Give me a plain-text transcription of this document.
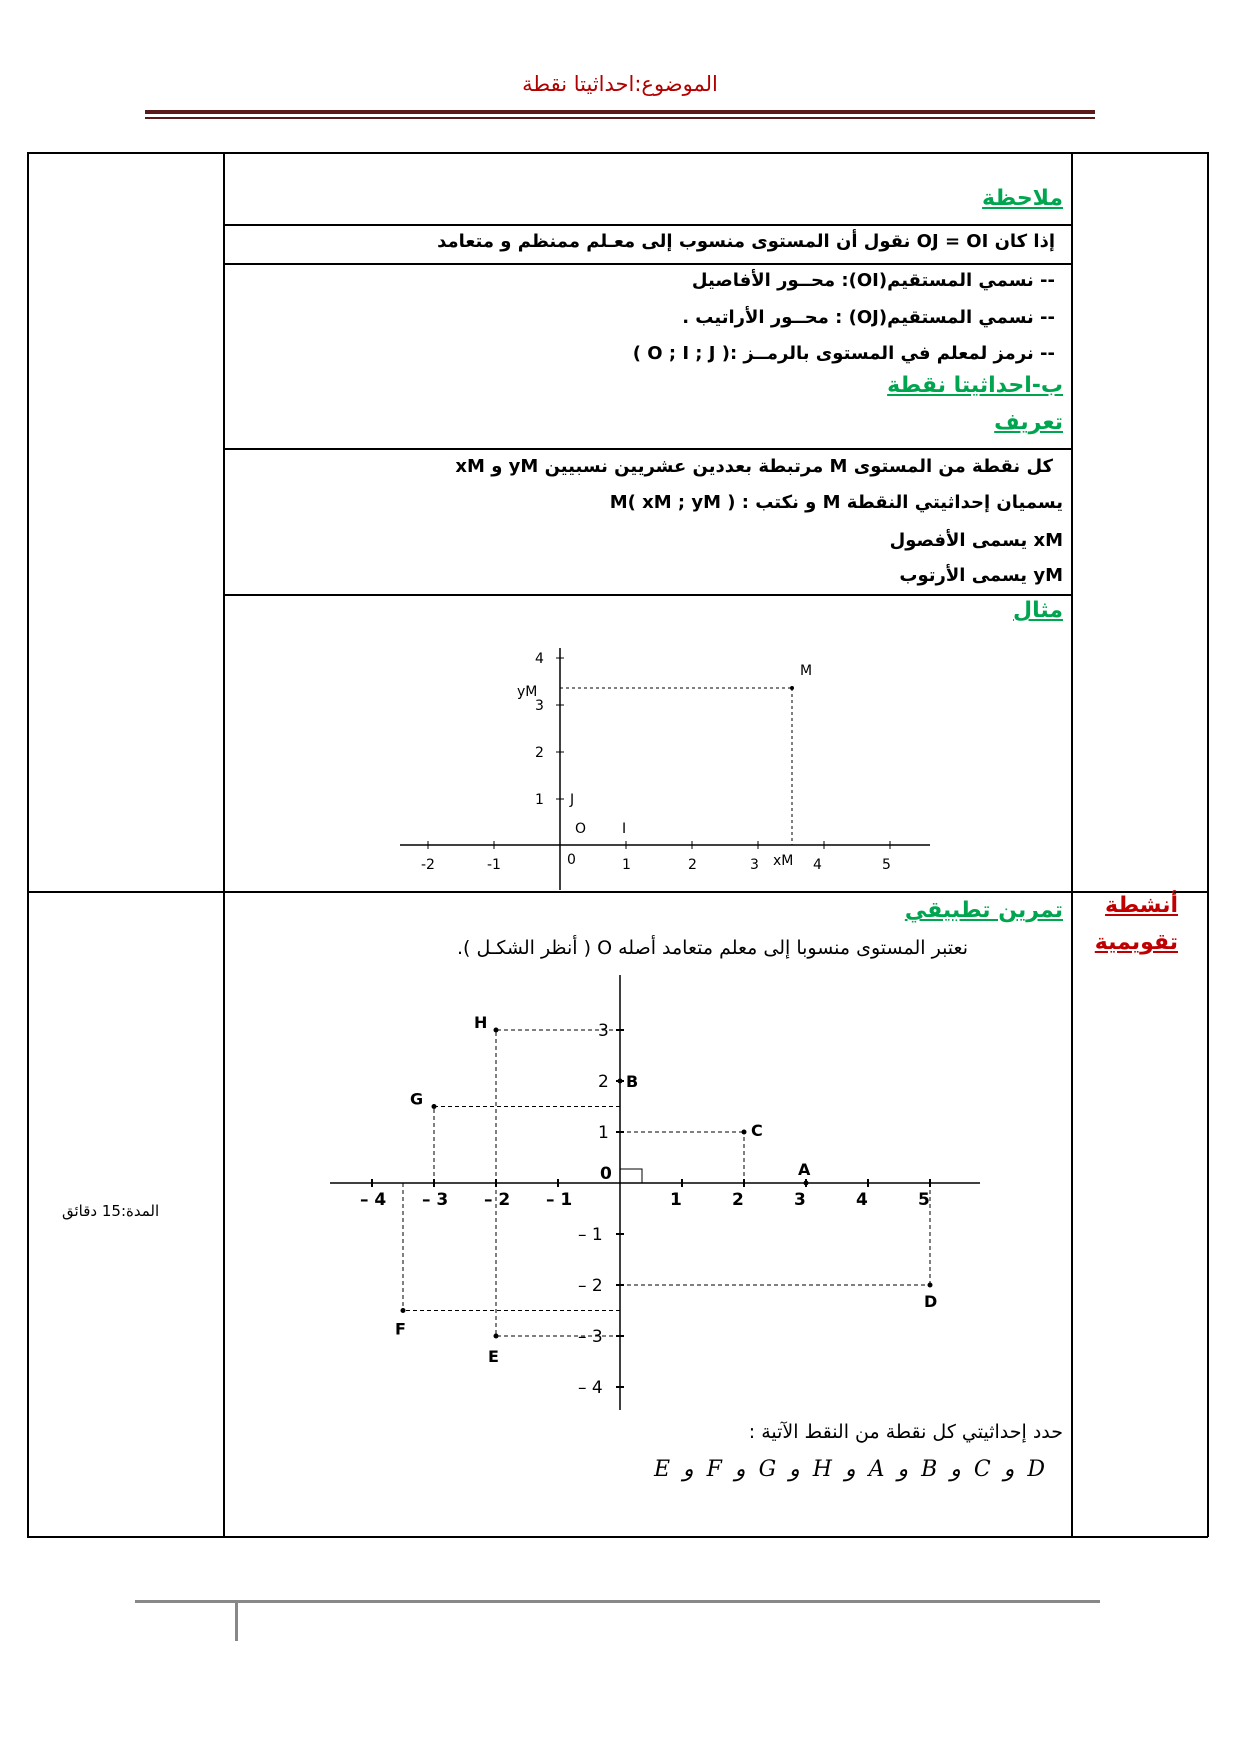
الموضوع:احداثيتا نقطة
ملاحظة
إذا كان OJ = OI نقول أن المستوى منسوب إلى معـلم ممنظم و متعامد
-- نسمي المستقيم(OI): محــور الأفاصيل
-- نسمي المستقيم(OJ) : محــور الأراتيب .
-- نرمز لمعلم في المستوى بالرمــز :( O ; I ; J )
ب-احداثيتا نقطة
تعريف
كل نقطة من المستوى M مرتبطة بعددين عشريين نسبيين yM و xM
يسميان إحداثيتي النقطة M و نكتب : ( M( xM ; yM
xM يسمى الأفصول
yM يسمى الأرتوب
مثال
-2	-1	0	1	2	3 xM 4	5
1
2
3
yM
4
M
O	I
J
أنشطة
تقويمية
المدة:15 دقائق
تمرين تطبيقي
نعتبر المستوى منسوبا إلى معلم متعامد أصله O ( أنظر الشكـل ).
– 4 – 3 – 2 – 1
0
1	2	3	4	5
3
2
1
– 1
– 2
– 3
– 4
A
B
C
D
E
F
G
H
حدد إحداثيتي كل نقطة من النقط الآتية :
D و C و B و A و H و G و F و E
